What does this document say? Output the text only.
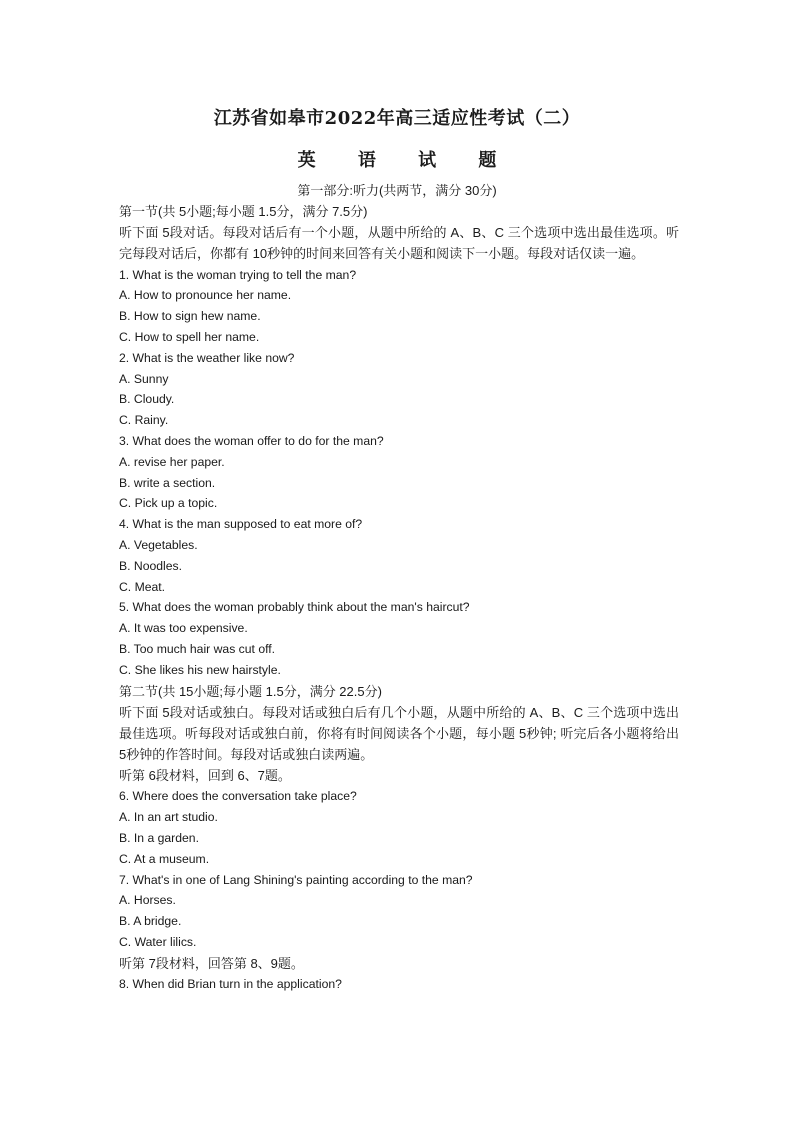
江苏省如皋市2022年高三适应性考试（二）
英 语 试 题
第一部分:听力(共两节，满分 30分)
第一节(共 5小题;每小题 1.5分，满分 7.5分)
听下面 5段对话。每段对话后有一个小题，从题中所给的 A、B、C 三个选项中选出最佳选项。听完每段对话后，你都有 10秒钟的时间来回答有关小题和阅读下一小题。每段对话仅读一遍。
1. What is the woman trying to tell the man?
A. How to pronounce her name.
B. How to sign hew name.
C. How to spell her name.
2. What is the weather like now?
A. Sunny
B. Cloudy.
C. Rainy.
3. What does the woman offer to do for the man?
A. revise her paper.
B. write a section.
C. Pick up a topic.
4. What is the man supposed to eat more of?
A. Vegetables.
B. Noodles.
C. Meat.
5. What does the woman probably think about the man's haircut?
A. It was too expensive.
B. Too much hair was cut off.
C. She likes his new hairstyle.
第二节(共 15小题;每小题 1.5分，满分 22.5分)
听下面 5段对话或独白。每段对话或独白后有几个小题，从题中所给的 A、B、C 三个选项中选出最佳选项。听每段对话或独白前，你将有时间阅读各个小题，每小题 5秒钟; 听完后各小题将给出 5秒钟的作答时间。每段对话或独白读两遍。
听第 6段材料，回到 6、7题。
6. Where does the conversation take place?
A. In an art studio.
B. In a garden.
C. At a museum.
7. What's in one of Lang Shining's painting according to the man?
A. Horses.
B. A bridge.
C. Water lilics.
听第 7段材料，回答第 8、9题。
8. When did Brian turn in the application?
